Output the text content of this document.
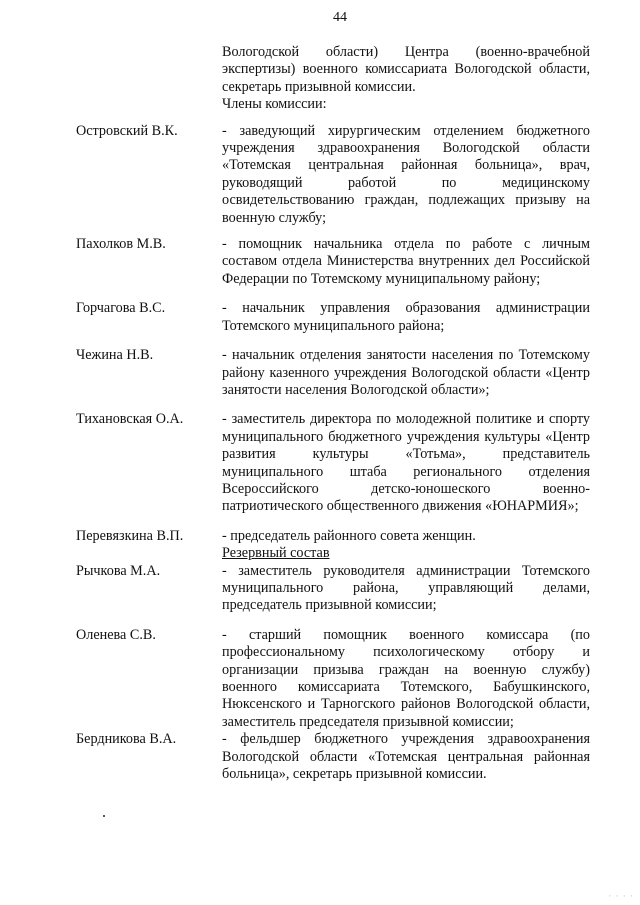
44
Вологодской области) Центра (военно-врачебной экспертизы) военного комиссариата Вологодской области, секретарь призывной комиссии.
Члены комиссии:
Островский В.К.	- заведующий хирургическим отделением бюджетного учреждения здравоохранения Вологодской области «Тотемская центральная районная больница», врач, руководящий работой по медицинскому освидетельствованию граждан, подлежащих призыву на военную службу;
Пахолков М.В.	- помощник начальника отдела по работе с личным составом отдела Министерства внутренних дел Российской Федерации по Тотемскому муниципальному району;
Горчагова В.С.	- начальник управления образования администрации Тотемского муниципального района;
Чежина Н.В.	- начальник отделения занятости населения по Тотемскому району казенного учреждения Вологодской области «Центр занятости населения Вологодской области»;
Тихановская О.А.	- заместитель директора по молодежной политике и спорту муниципального бюджетного учреждения культуры «Центр развития культуры «Тотьма», представитель муниципального штаба регионального отделения Всероссийского детско-юношеского военно-патриотического общественного движения «ЮНАРМИЯ»;
Перевязкина В.П.	- председатель районного совета женщин.
Резервный состав
Рычкова М.А.	- заместитель руководителя администрации Тотемского муниципального района, управляющий делами, председатель призывной комиссии;
Оленева С.В.	- старший помощник военного комиссара (по профессиональному психологическому отбору и организации призыва граждан на военную службу) военного комиссариата Тотемского, Бабушкинского, Нюксенского и Тарногского районов Вологодской области, заместитель председателя призывной комиссии;
Бердникова В.А.	- фельдшер бюджетного учреждения здравоохранения Вологодской области «Тотемская центральная районная больница», секретарь призывной комиссии.
· · · ·
